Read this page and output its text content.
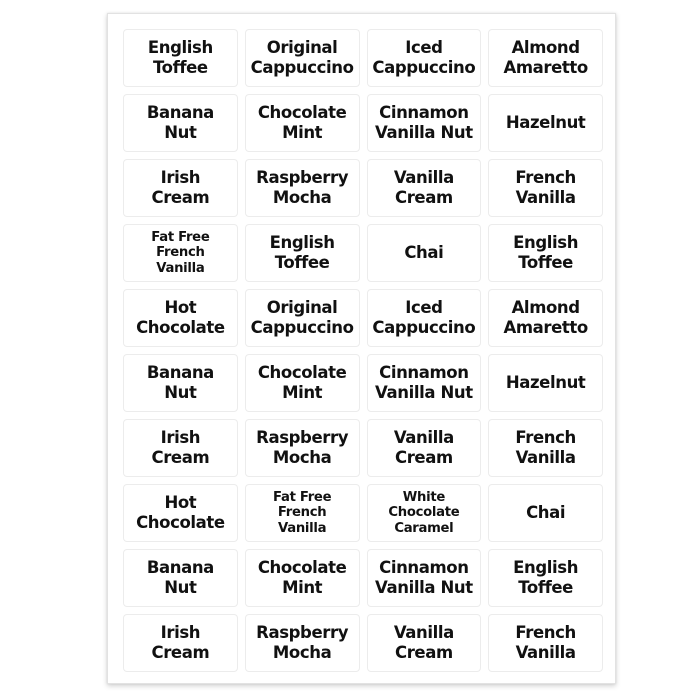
English
Toffee
Original
Cappuccino
Iced
Cappuccino
Almond
Amaretto
Banana
Nut
Chocolate
Mint
Cinnamon
Vanilla Nut
Hazelnut
Irish
Cream
Raspberry
Mocha
Vanilla
Cream
French
Vanilla
Fat Free
French
Vanilla
English
Toffee
Chai
English
Toffee
Hot
Chocolate
Original
Cappuccino
Iced
Cappuccino
Almond
Amaretto
Banana
Nut
Chocolate
Mint
Cinnamon
Vanilla Nut
Hazelnut
Irish
Cream
Raspberry
Mocha
Vanilla
Cream
French
Vanilla
Hot
Chocolate
Fat Free
French
Vanilla
White
Chocolate
Caramel
Chai
Banana
Nut
Chocolate
Mint
Cinnamon
Vanilla Nut
English
Toffee
Irish
Cream
Raspberry
Mocha
Vanilla
Cream
French
Vanilla
